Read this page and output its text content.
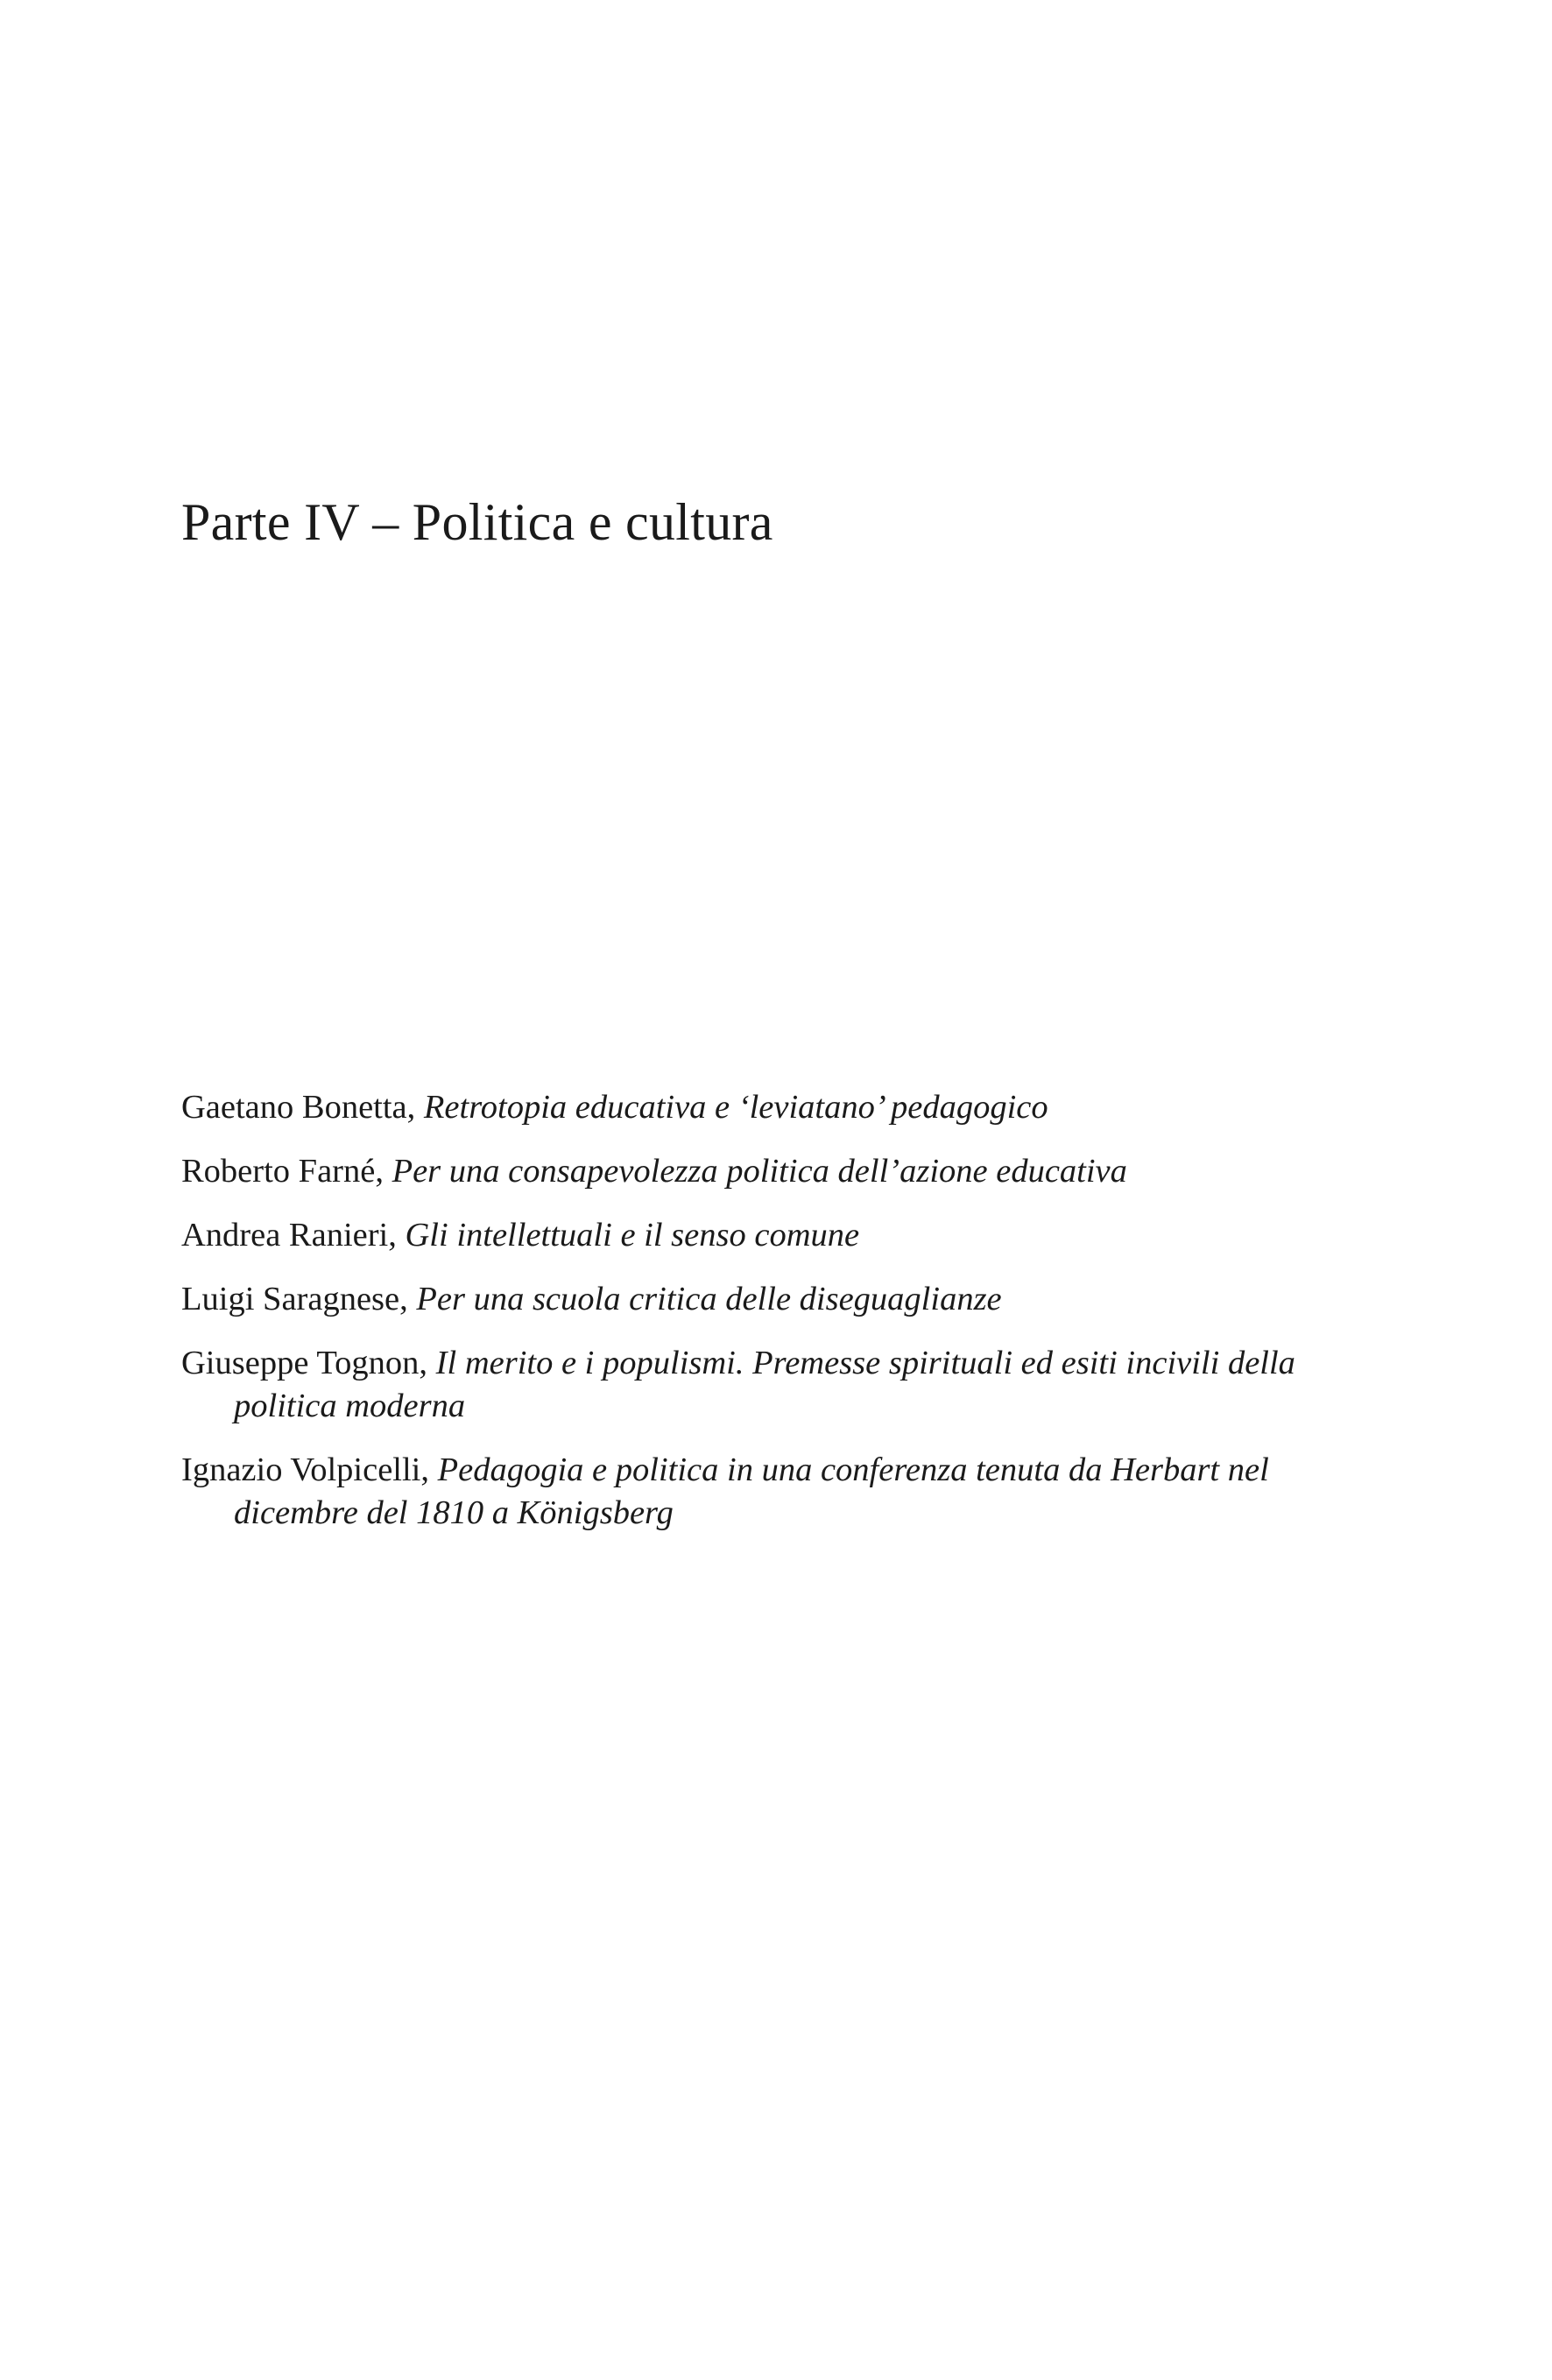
Parte IV – Politica e cultura
Gaetano Bonetta, Retrotopia educativa e ‘leviatano’ pedagogico
Roberto Farné, Per una consapevolezza politica dell’azione educativa
Andrea Ranieri, Gli intellettuali e il senso comune
Luigi Saragnese, Per una scuola critica delle diseguaglianze
Giuseppe Tognon, Il merito e i populismi. Premesse spirituali ed esiti incivili della politica moderna
Ignazio Volpicelli, Pedagogia e politica in una conferenza tenuta da Herbart nel dicembre del 1810 a Königsberg
